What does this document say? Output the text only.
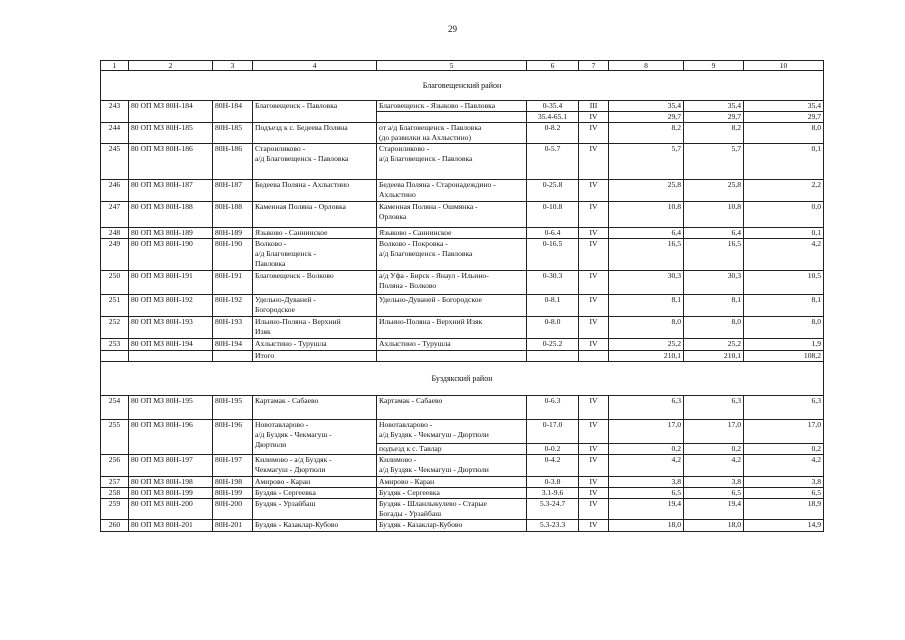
29
1	2	3	4	5	6	7	8	9	10
Благовещенский район									
243	80 ОП МЗ 80Н-184	80Н-184	Благовещенск - Павловка	Благовещенск - Языково - Павловка	0-35.4	III	35,4	35,4	35,4
					35.4-65.1	IV	29,7	29,7	29,7
244	80 ОП МЗ 80Н-185	80Н-185	Подъезд к с. Бедеева Поляна	от а/д Благовещенск - Павловка
(до развилки на Ахлыстино)	0-8.2	IV	8,2	8,2	8,0
245	80 ОП МЗ 80Н-186	80Н-186	Староиликово -
а/д Благовещенск - Павловка	Староиликово -
а/д Благовещенск - Павловка	0-5.7	IV	5,7	5,7	0,1
246	80 ОП МЗ 80Н-187	80Н-187	Бедеева Поляна - Ахлыстино	Бедеева Поляна - Старонадеждино -
Ахлыстино	0-25.8	IV	25,8	25,8	2,2
247	80 ОП МЗ 80Н-188	80Н-188	Каменная Поляна - Орловка	Каменная Поляна - Ошмянка -
Орловка	0-10.8	IV	10,8	10,8	0,0
248	80 ОП МЗ 80Н-189	80Н-189	Языково - Саннинское	Языково - Саннинское	0-6.4	IV	6,4	6,4	0,1
249	80 ОП МЗ 80Н-190	80Н-190	Волково -
а/д Благовещенск -
Павловка	Волково - Покровка -
а/д Благовещенск - Павловка	0-16.5	IV	16,5	16,5	4,2
250	80 ОП МЗ 80Н-191	80Н-191	Благовещенск - Волково	а/д Уфа - Бирск - Янаул - Ильино-
Поляна - Волково	0-30.3	IV	30,3	30,3	10,5
251	80 ОП МЗ 80Н-192	80Н-192	Удельно-Дуваней -
Богородское	Удельно-Дуваней - Богородское	0-8.1	IV	8,1	8,1	8,1
252	80 ОП МЗ 80Н-193	80Н-193	Ильино-Поляна - Верхний
Изяк	Ильино-Поляна - Верхний Изяк	0-8.0	IV	8,0	8,0	8,0
253	80 ОП МЗ 80Н-194	80Н-194	Ахлыстино - Турушла	Ахлыстино - Турушла	0-25.2	IV	25,2	25,2	1,9
			Итого				210,1	210,1	108,2
Буздякский район									
254	80 ОП МЗ 80Н-195	80Н-195	Картамак - Сабаево	Картамак - Сабаево	0-6.3	IV	6,3	6,3	6,3
255	80 ОП МЗ 80Н-196	80Н-196	Новотавларово -
а/д Буздяк - Чекмагуш -
Дюртюли	Новотавларово -
а/д Буздяк - Чекмагуш - Дюртюли	0-17.0	IV	17,0	17,0	17,0
				подъезд к с. Тавлар	0-0.2	IV	0,2	0,2	0,2
256	80 ОП МЗ 80Н-197	80Н-197	Килимово - а/д Буздяк -
Чекмагуш - Дюртюли	Килимово -
а/д Буздяк - Чекмагуш - Дюртюли	0-4.2	IV	4,2	4,2	4,2
257	80 ОП МЗ 80Н-198	80Н-198	Амирово - Каран	Амирово - Каран	0-3.8	IV	3,8	3,8	3,8
258	80 ОП МЗ 80Н-199	80Н-199	Буздяк - Сергеевка	Буздяк - Сергеевка	3.1-9.6	IV	6,5	6,5	6,5
259	80 ОП МЗ 80Н-200	80Н-200	Буздяк - Урзайбаш	Буздяк - Шланлыкулево - Старые
Богады - Урзайбаш	5.3-24.7	IV	19,4	19,4	18,9
260	80 ОП МЗ 80Н-201	80Н-201	Буздяк - Казаклар-Кубово	Буздяк - Казаклар-Кубово	5.3-23.3	IV	18,0	18,0	14,9
